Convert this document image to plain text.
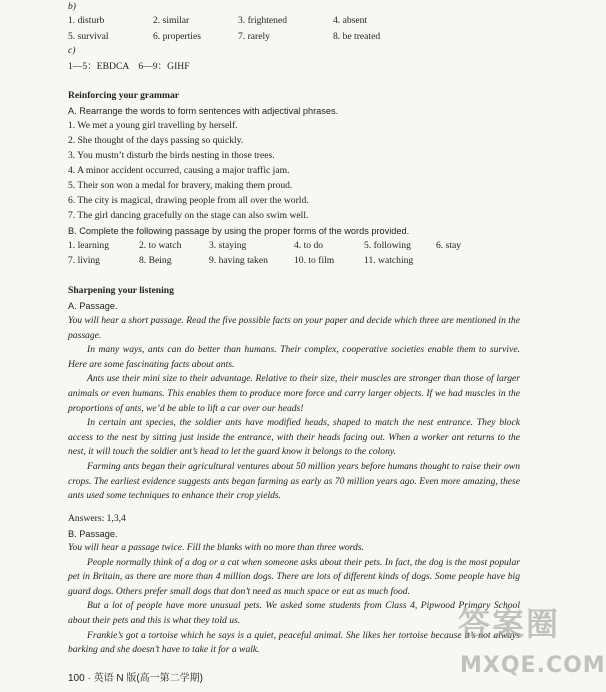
b)
1. disturb	2. similar	3. frightened	4. absent
5. survival	6. properties	7. rarely	8. be treated
c)
1—5：EBDCA　6—9：GIHF
Reinforcing your grammar
A. Rearrange the words to form sentences with adjectival phrases.
1. We met a young girl travelling by herself.
2. She thought of the days passing so quickly.
3. You mustn’t disturb the birds nesting in those trees.
4. A minor accident occurred, causing a major traffic jam.
5. Their son won a medal for bravery, making them proud.
6. The city is magical, drawing people from all over the world.
7. The girl dancing gracefully on the stage can also swim well.
B. Complete the following passage by using the proper forms of the words provided.
1. learning	2. to watch	3. staying	4. to do	5. following	6. stay
7. living	8. Being	9. having taken	10. to film	11. watching
Sharpening your listening
A. Passage.

You will hear a short passage. Read the five possible facts on your paper and decide which three are mentioned in the passage.

In many ways, ants can do better than humans. Their complex, cooperative societies enable them to survive. Here are some fascinating facts about ants.

Ants use their mini size to their advantage. Relative to their size, their muscles are stronger than those of larger animals or even humans. This enables them to produce more force and carry larger objects. If we had muscles in the proportions of ants, we’d be able to lift a car over our heads!

In certain ant species, the soldier ants have modified heads, shaped to match the nest entrance. They block access to the nest by sitting just inside the entrance, with their heads facing out. When a worker ant returns to the nest, it will touch the soldier ant’s head to let the guard know it belongs to the colony.

Farming ants began their agricultural ventures about 50 million years before humans thought to raise their own crops. The earliest evidence suggests ants began farming as early as 70 million years ago. Even more amazing, these ants used some techniques to enhance their crop yields.

Answers: 1,3,4
B. Passage.

You will hear a passage twice. Fill the blanks with no more than three words.

People normally think of a dog or a cat when someone asks about their pets. In fact, the dog is the most popular pet in Britain, as there are more than 4 million dogs. There are lots of different kinds of dogs. Some people have big guard dogs. Others prefer small dogs that don’t need as much space or eat as much food.

But a lot of people have more unusual pets. We asked some students from Class 4, Pipwood Primary School about their pets and this is what they told us.

Frankie’s got a tortoise which he says is a quiet, peaceful animal. She likes her tortoise because it’s not always barking and she doesn’t have to take it for a walk.

100 · 英语 N 版(高一第二学期)
答案圈
MXQE.COM
